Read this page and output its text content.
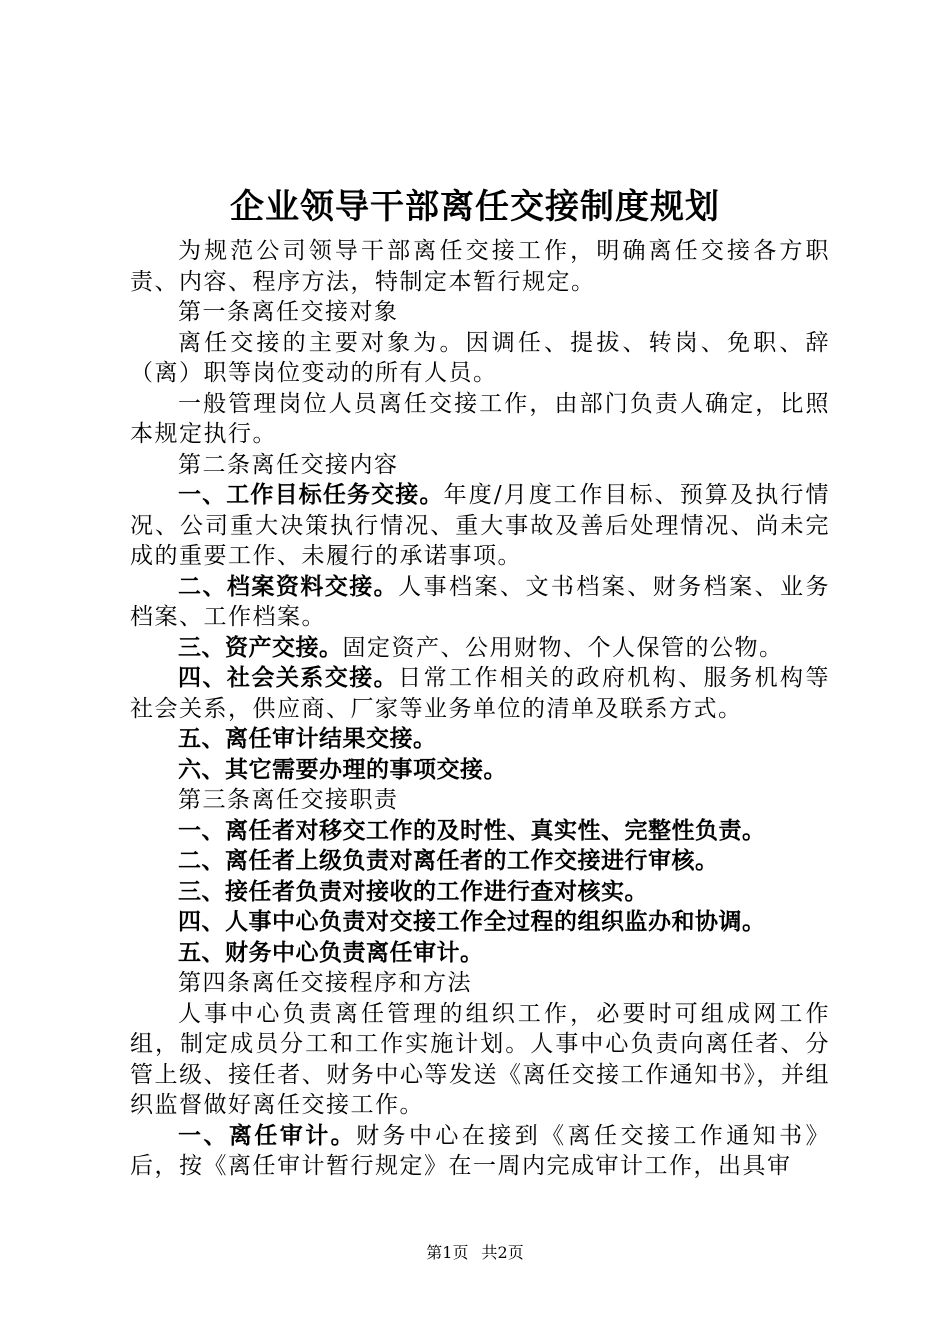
企业领导干部离任交接制度规划

为规范公司领导干部离任交接工作，明确离任交接各方职责、内容、程序方法，特制定本暂行规定。

第一条离任交接对象

离任交接的主要对象为。因调任、提拔、转岗、免职、辞（离）职等岗位变动的所有人员。

一般管理岗位人员离任交接工作，由部门负责人确定，比照本规定执行。

第二条离任交接内容

一、工作目标任务交接。年度/月度工作目标、预算及执行情况、公司重大决策执行情况、重大事故及善后处理情况、尚未完成的重要工作、未履行的承诺事项。

二、档案资料交接。人事档案、文书档案、财务档案、业务档案、工作档案。

三、资产交接。固定资产、公用财物、个人保管的公物。

四、社会关系交接。日常工作相关的政府机构、服务机构等社会关系，供应商、厂家等业务单位的清单及联系方式。

五、离任审计结果交接。

六、其它需要办理的事项交接。

第三条离任交接职责

一、离任者对移交工作的及时性、真实性、完整性负责。

二、离任者上级负责对离任者的工作交接进行审核。

三、接任者负责对接收的工作进行查对核实。

四、人事中心负责对交接工作全过程的组织监办和协调。

五、财务中心负责离任审计。

第四条离任交接程序和方法

人事中心负责离任管理的组织工作，必要时可组成网工作组，制定成员分工和工作实施计划。人事中心负责向离任者、分管上级、接任者、财务中心等发送《离任交接工作通知书》，并组织监督做好离任交接工作。

一、离任审计。财务中心在接到《离任交接工作通知书》后，按《离任审计暂行规定》在一周内完成审计工作，出具审

第1页 共2页
